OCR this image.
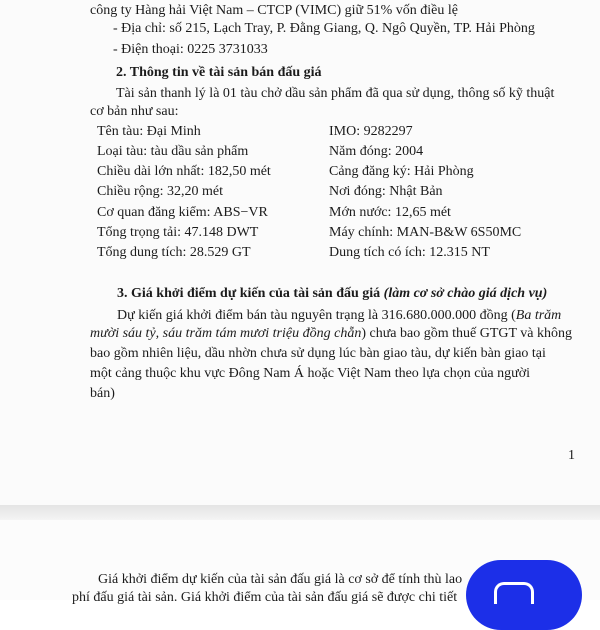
công ty Hàng hải Việt Nam – CTCP (VIMC) giữ 51% vốn điều lệ
- Địa chỉ: số 215, Lạch Tray, P. Đằng Giang, Q. Ngô Quyền, TP. Hải Phòng
- Điện thoại: 0225 3731033
2. Thông tin về tài sản bán đấu giá
Tài sản thanh lý là 01 tàu chở dầu sản phẩm đã qua sử dụng, thông số kỹ thuật
cơ bản như sau:
Tên tàu: Đại Minh
Loại tàu: tàu dầu sản phẩm
Chiều dài lớn nhất: 182,50 mét
Chiều rộng: 32,20 mét
Cơ quan đăng kiểm: ABS−VR
Tổng trọng tải: 47.148 DWT
Tổng dung tích: 28.529 GT
IMO: 9282297
Năm đóng: 2004
Cảng đăng ký: Hải Phòng
Nơi đóng: Nhật Bản
Mớn nước: 12,65 mét
Máy chính: MAN-B&W 6S50MC
Dung tích có ích: 12.315 NT
3. Giá khởi điểm dự kiến của tài sản đấu giá (làm cơ sở chào giá dịch vụ)
Dự kiến giá khởi điểm bán tàu nguyên trạng là 316.680.000.000 đồng (Ba trăm
mười sáu tỷ, sáu trăm tám mươi triệu đồng chẵn) chưa bao gồm thuế GTGT và không
bao gồm nhiên liệu, dầu nhờn chưa sử dụng lúc bàn giao tàu, dự kiến bàn giao tại
một cảng thuộc khu vực Đông Nam Á hoặc Việt Nam theo lựa chọn của người
bán)
1
Giá khởi điểm dự kiến của tài sản đấu giá là cơ sở để tính thù lao
phí đấu giá tài sản. Giá khởi điểm của tài sản đấu giá sẽ được chi tiết
